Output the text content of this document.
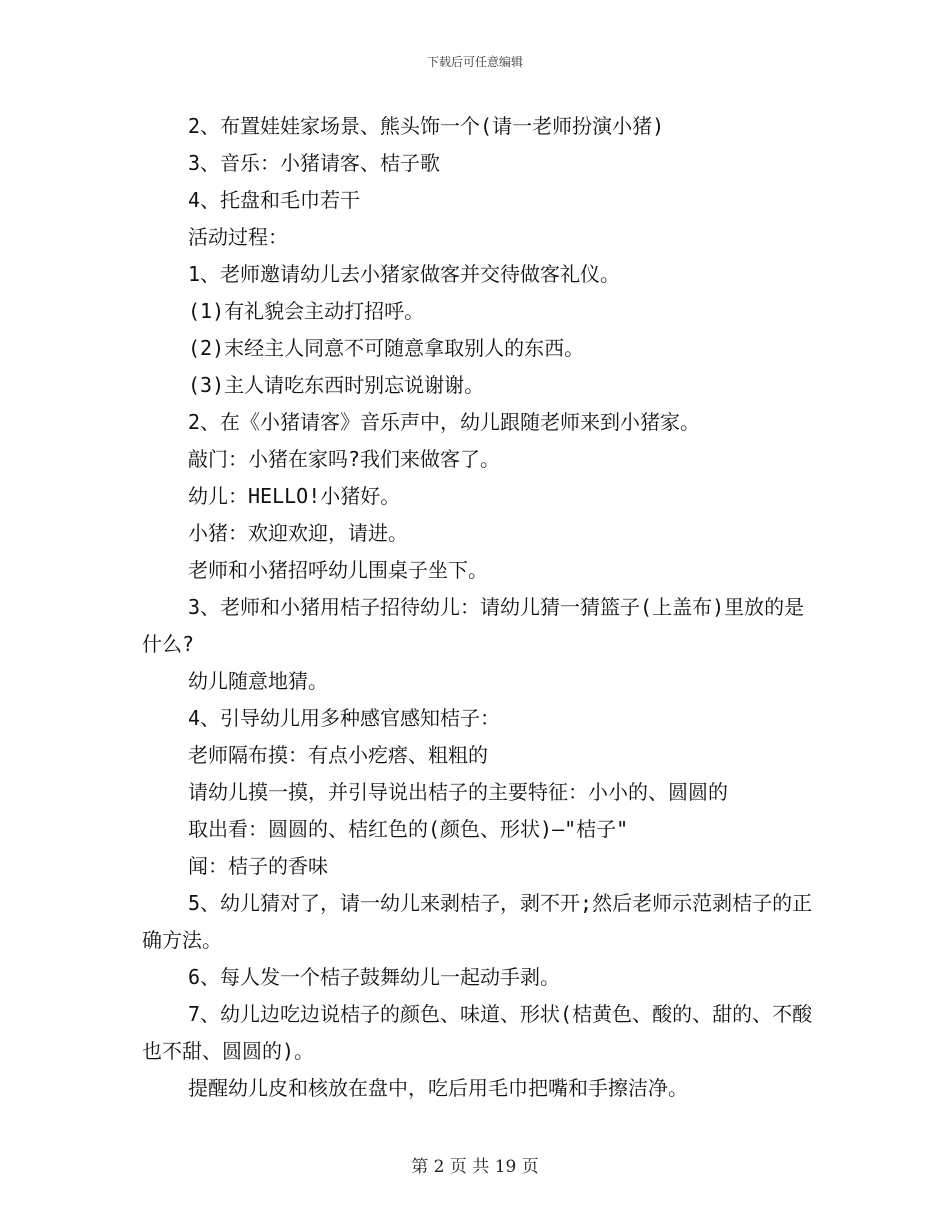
下载后可任意编辑

2、布置娃娃家场景、熊头饰一个(请一老师扮演小猪)

3、音乐：小猪请客、桔子歌

4、托盘和毛巾若干

活动过程：

1、老师邀请幼儿去小猪家做客并交待做客礼仪。

(1)有礼貌会主动打招呼。

(2)末经主人同意不可随意拿取别人的东西。

(3)主人请吃东西时别忘说谢谢。

2、在《小猪请客》音乐声中，幼儿跟随老师来到小猪家。

敲门：小猪在家吗?我们来做客了。

幼儿：HELLO!小猪好。

小猪：欢迎欢迎，请进。

老师和小猪招呼幼儿围桌子坐下。

3、老师和小猪用桔子招待幼儿：请幼儿猜一猜篮子(上盖布)里放的是什么?

幼儿随意地猜。

4、引导幼儿用多种感官感知桔子：

老师隔布摸：有点小疙瘩、粗粗的

请幼儿摸一摸，并引导说出桔子的主要特征：小小的、圆圆的

取出看：圆圆的、桔红色的(颜色、形状)—"桔子"

闻：桔子的香味

5、幼儿猜对了，请一幼儿来剥桔子，剥不开;然后老师示范剥桔子的正确方法。

6、每人发一个桔子鼓舞幼儿一起动手剥。

7、幼儿边吃边说桔子的颜色、味道、形状(桔黄色、酸的、甜的、不酸也不甜、圆圆的)。

提醒幼儿皮和核放在盘中，吃后用毛巾把嘴和手擦洁净。

第 2 页 共 19 页
